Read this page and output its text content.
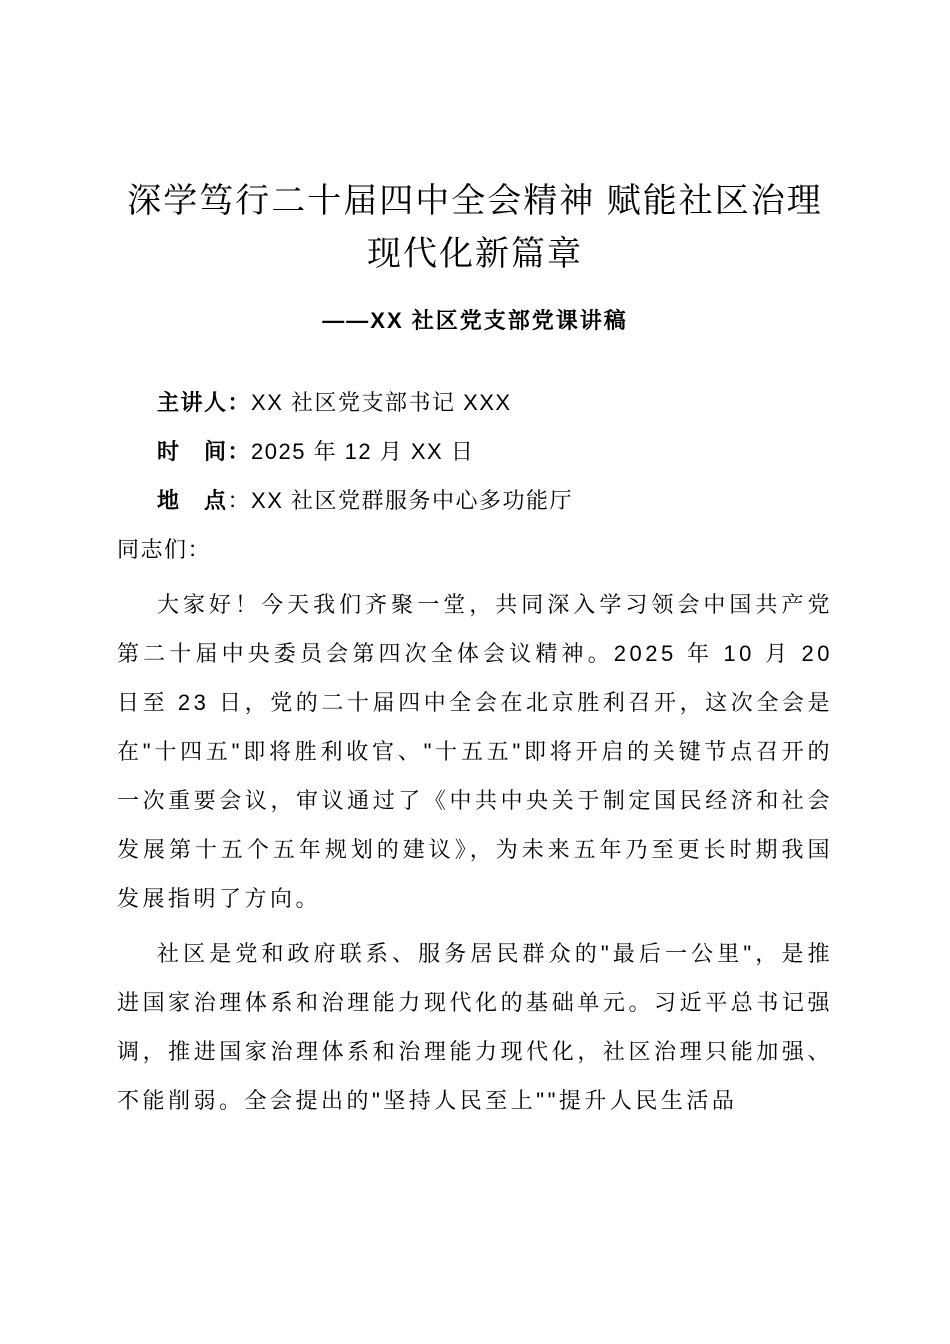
深学笃行二十届四中全会精神 赋能社区治理
现代化新篇章
——XX 社区党支部党课讲稿

主讲人：XX 社区党支部书记 XXX

时　间：2025 年 12 月 XX 日

地　点：XX 社区党群服务中心多功能厅

同志们：

大家好！今天我们齐聚一堂，共同深入学习领会中国共产党第二十届中央委员会第四次全体会议精神。2025 年 10 月 20 日至 23 日，党的二十届四中全会在北京胜利召开，这次全会是在"十四五"即将胜利收官、"十五五"即将开启的关键节点召开的一次重要会议，审议通过了《中共中央关于制定国民经济和社会发展第十五个五年规划的建议》，为未来五年乃至更长时期我国发展指明了方向。

社区是党和政府联系、服务居民群众的"最后一公里"，是推进国家治理体系和治理能力现代化的基础单元。习近平总书记强调，推进国家治理体系和治理能力现代化，社区治理只能加强、不能削弱。全会提出的"坚持人民至上""提升人民生活品
